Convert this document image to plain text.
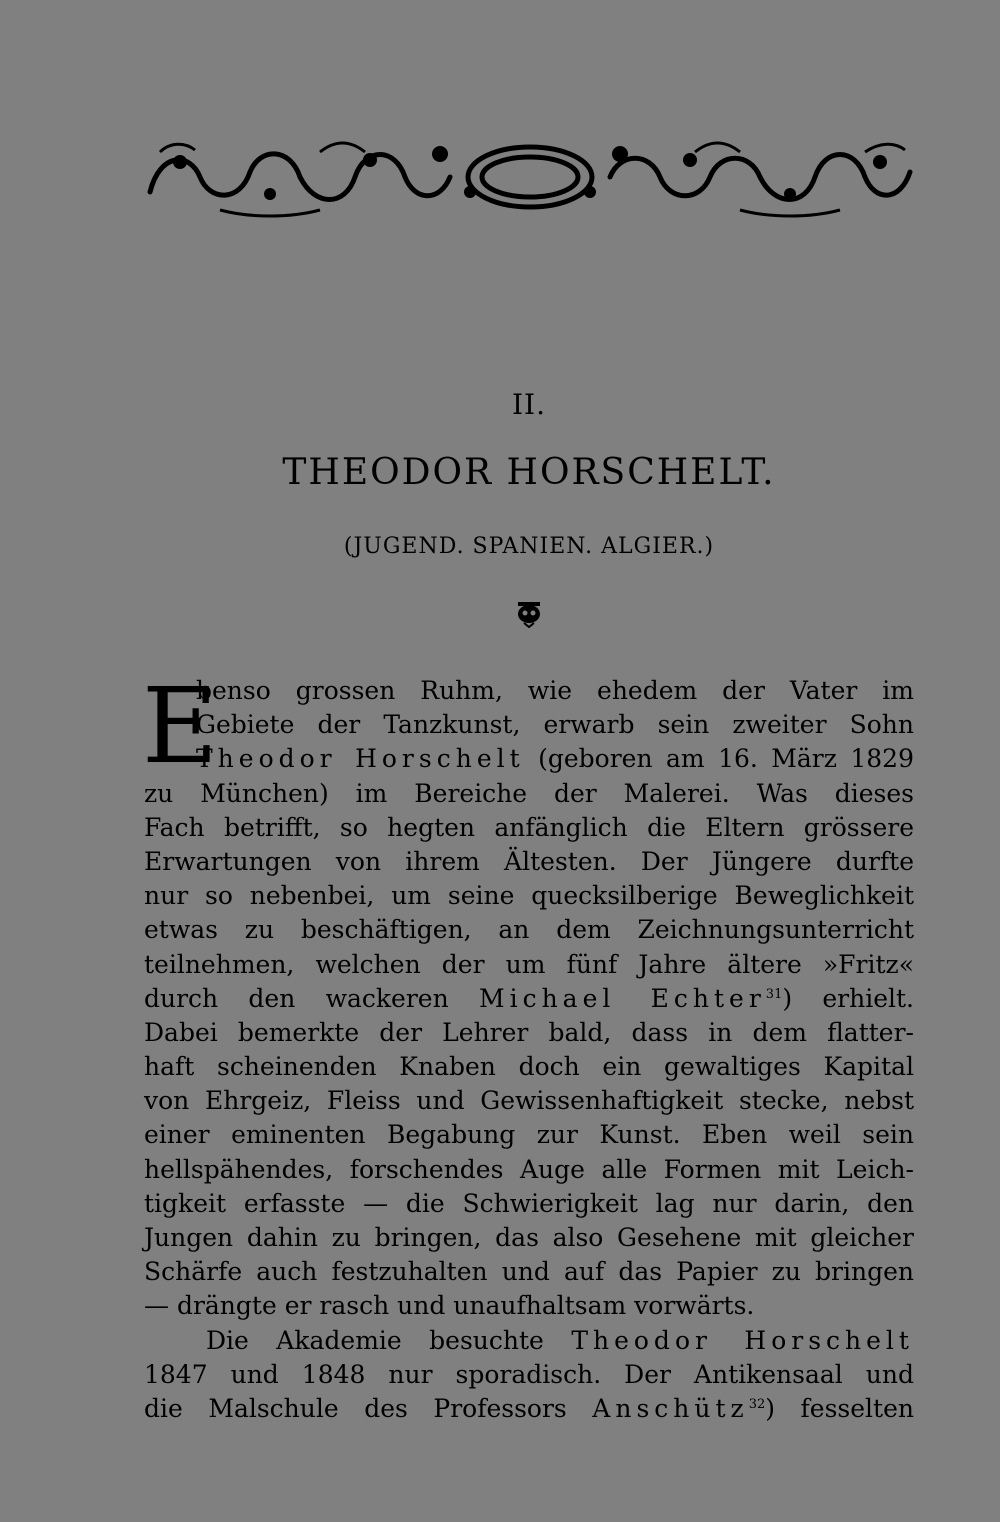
II.
THEODOR HORSCHELT.
(JUGEND. SPANIEN. ALGIER.)
E
benso grossen Ruhm, wie ehedem der Vater im
Gebiete der Tanzkunst, erwarb sein zweiter Sohn
Theodor Horschelt (geboren am 16. März 1829
zu München) im Bereiche der Malerei. Was dieses
Fach betrifft, so hegten anfänglich die Eltern grössere
Erwartungen von ihrem Ältesten. Der Jüngere durfte
nur so nebenbei, um seine quecksilberige Beweglichkeit
etwas zu beschäftigen, an dem Zeichnungsunterricht
teilnehmen, welchen der um fünf Jahre ältere »Fritz«
durch den wackeren Michael Echter$^{31}$) erhielt.
Dabei bemerkte der Lehrer bald, dass in dem flatter-
haft scheinenden Knaben doch ein gewaltiges Kapital
von Ehrgeiz, Fleiss und Gewissenhaftigkeit stecke, nebst
einer eminenten Begabung zur Kunst. Eben weil sein
hellspähendes, forschendes Auge alle Formen mit Leich-
tigkeit erfasste — die Schwierigkeit lag nur darin, den
Jungen dahin zu bringen, das also Gesehene mit gleicher
Schärfe auch festzuhalten und auf das Papier zu bringen
— drängte er rasch und unaufhaltsam vorwärts.
Die Akademie besuchte Theodor Horschelt
1847 und 1848 nur sporadisch. Der Antikensaal und
die Malschule des Professors Anschütz$^{32}$) fesselten
